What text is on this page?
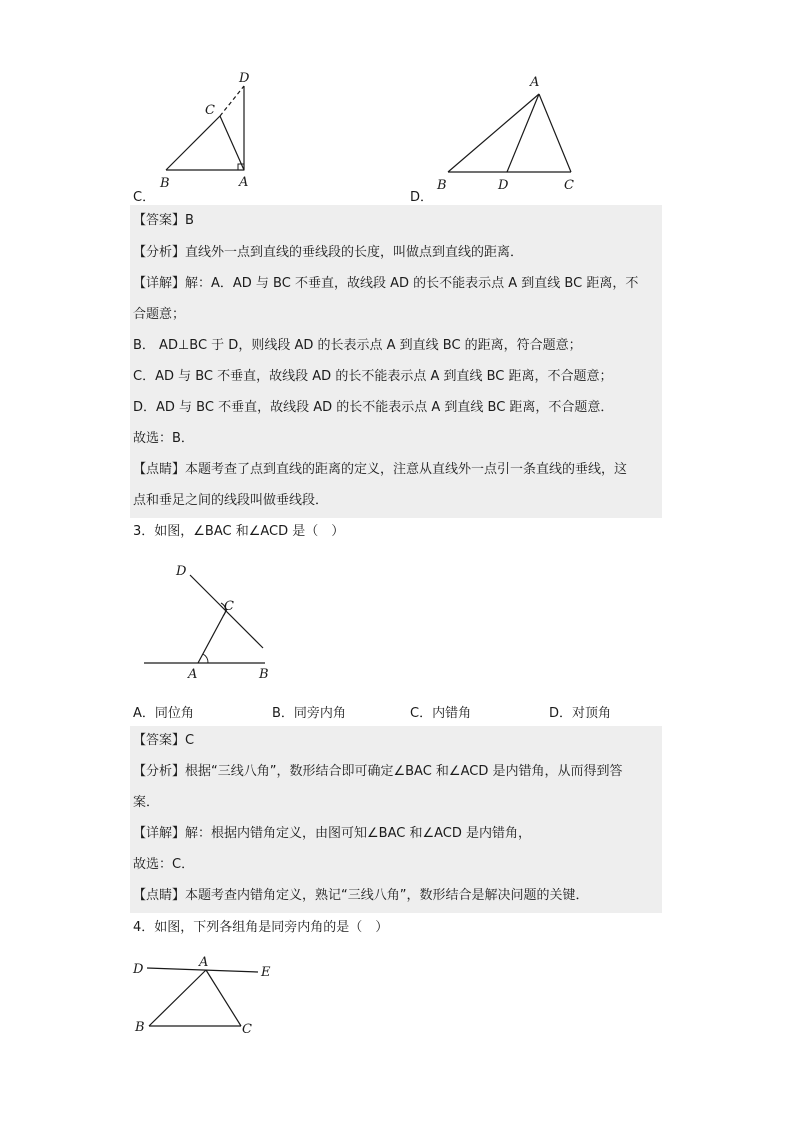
B	A
C
D
C．
A
B	D	C
D．
【答案】B
【分析】直线外一点到直线的垂线段的长度，叫做点到直线的距离．
【详解】解：A．AD 与 BC 不垂直，故线段 AD 的长不能表示点 A 到直线 BC 距离，不
合题意；
B． AD⊥BC 于 D，则线段 AD 的长表示点 A 到直线 BC 的距离，符合题意；
C．AD 与 BC 不垂直，故线段 AD 的长不能表示点 A 到直线 BC 距离，不合题意；
D．AD 与 BC 不垂直，故线段 AD 的长不能表示点 A 到直线 BC 距离，不合题意．
故选：B．
【点睛】本题考查了点到直线的距离的定义，注意从直线外一点引一条直线的垂线，这
点和垂足之间的线段叫做垂线段．
3．如图，∠BAC 和∠ACD 是（　）
D
C
A	B
A．同位角	B．同旁内角	C．内错角	D．对顶角
【答案】C
【分析】根据“三线八角”，数形结合即可确定∠BAC 和∠ACD 是内错角，从而得到答
案．
【详解】解：根据内错角定义，由图可知∠BAC 和∠ACD 是内错角，
故选：C．
【点睛】本题考查内错角定义，熟记“三线八角”，数形结合是解决问题的关键．
4．如图，下列各组角是同旁内角的是（　）
D	A
E
B	C
